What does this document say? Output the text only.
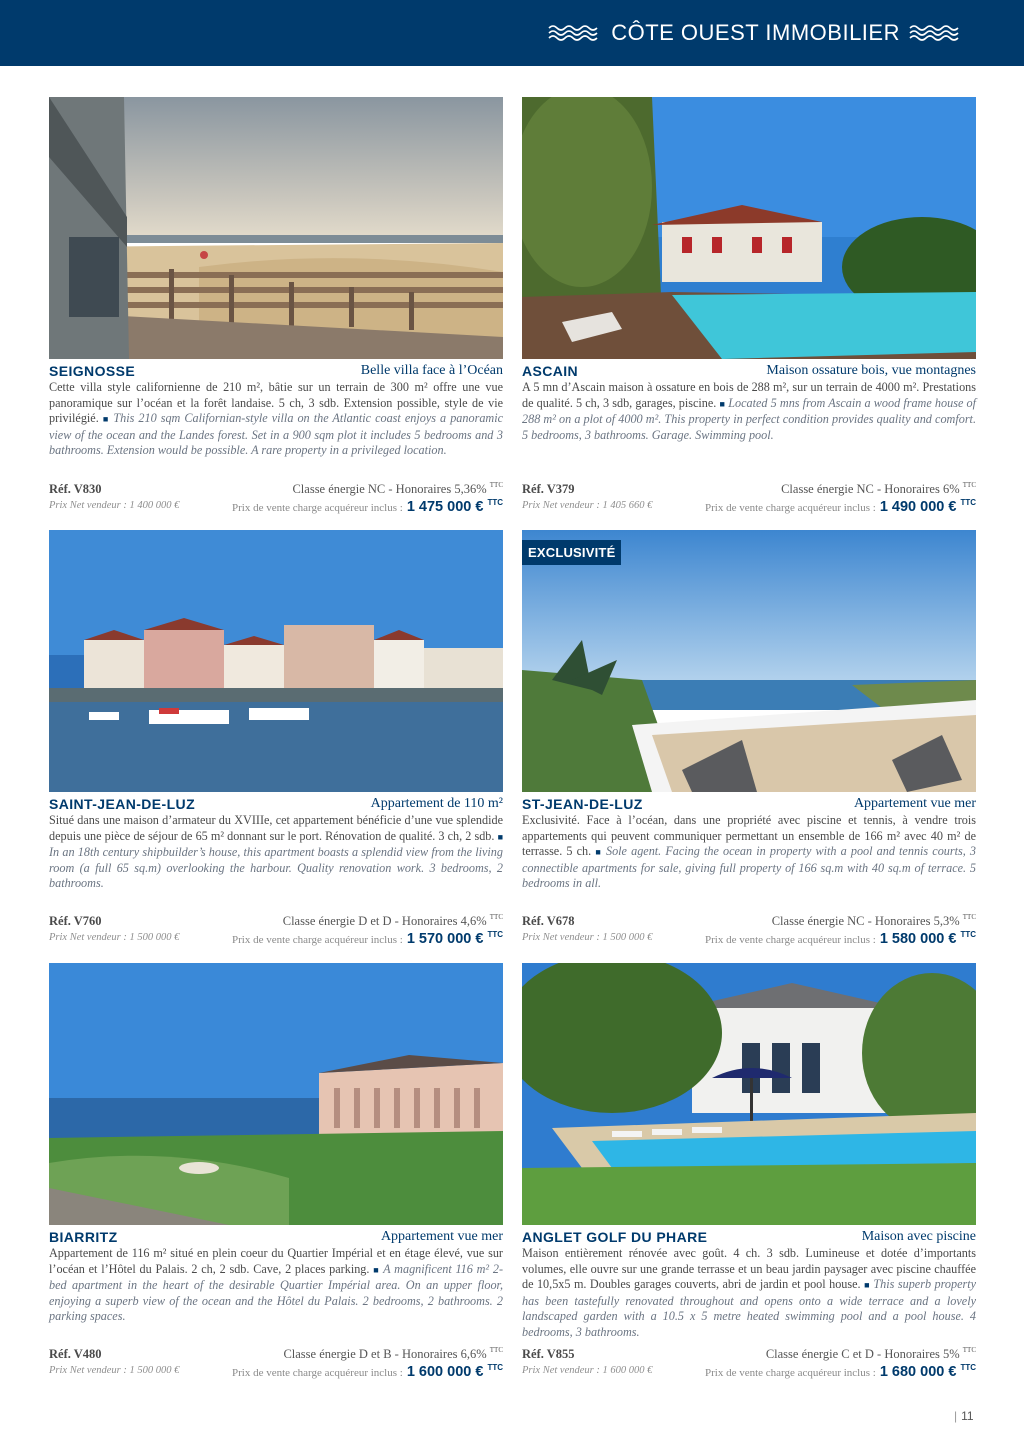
CÔTE OUEST IMMOBILIER
SEIGNOSSE	Belle villa face à l’Océan

Cette villa style californienne de 210 m², bâtie sur un terrain de 300 m² offre une vue panoramique sur l’océan et la forêt landaise. 5 ch, 3 sdb. Extension possible, style de vie privilégié. ■ This 210 sqm Californian-style villa on the Atlantic coast enjoys a panoramic view of the ocean and the Landes forest. Set in a 900 sqm plot it includes 5 bedrooms and 3 bathrooms. Extension would be possible. A rare property in a privileged location.

Réf. V830	Classe énergie NC - Honoraires 5,36% $^{TTC}$
Prix Net vendeur : 1 400 000 €	Prix de vente charge acquéreur inclus : 1 475 000 € $^{TTC}$
ASCAIN	Maison ossature bois, vue montagnes

A 5 mn d’Ascain maison à ossature en bois de 288 m², sur un terrain de 4000 m². Prestations de qualité. 5 ch, 3 sdb, garages, piscine. ■ Located 5 mns from Ascain a wood frame house of 288 m² on a plot of 4000 m². This property in perfect condition provides quality and comfort. 5 bedrooms, 3 bathrooms. Garage. Swimming pool.

Réf. V379	Classe énergie NC - Honoraires 6% $^{TTC}$
Prix Net vendeur : 1 405 660 €	Prix de vente charge acquéreur inclus : 1 490 000 € $^{TTC}$
SAINT-JEAN-DE-LUZ	Appartement de 110 m²

Situé dans une maison d’armateur du XVIIIe, cet appartement bénéficie d’une vue splendide depuis une pièce de séjour de 65 m² donnant sur le port. Rénovation de qualité. 3 ch, 2 sdb. ■ In an 18th century shipbuilder’s house, this apartment boasts a splendid view from the living room (a full 65 sq.m) overlooking the harbour. Quality renovation work. 3 bedrooms, 2 bathrooms.

Réf. V760	Classe énergie D et D - Honoraires 4,6% $^{TTC}$
Prix Net vendeur : 1 500 000 €	Prix de vente charge acquéreur inclus : 1 570 000 € $^{TTC}$
EXCLUSIVITÉ
ST-JEAN-DE-LUZ	Appartement vue mer

Exclusivité. Face à l’océan, dans une propriété avec piscine et tennis, à vendre trois appartements qui peuvent communiquer permettant un ensemble de 166 m² avec 40 m² de terrasse. 5 ch. ■ Sole agent. Facing the ocean in property with a pool and tennis courts, 3 connectible apartments for sale, giving full property of 166 sq.m with 40 sq.m of terrace. 5 bedrooms in all.

Réf. V678	Classe énergie NC - Honoraires 5,3% $^{TTC}$
Prix Net vendeur : 1 500 000 €	Prix de vente charge acquéreur inclus : 1 580 000 € $^{TTC}$
BIARRITZ	Appartement vue mer

Appartement de 116 m² situé en plein coeur du Quartier Impérial et en étage élevé, vue sur l’océan et l’Hôtel du Palais. 2 ch, 2 sdb. Cave, 2 places parking. ■ A magnificent 116 m² 2-bed apartment in the heart of the desirable Quartier Impérial area. On an upper floor, enjoying a superb view of the ocean and the Hôtel du Palais. 2 bedrooms, 2 bathrooms. 2 parking spaces.

Réf. V480	Classe énergie D et B - Honoraires 6,6% $^{TTC}$
Prix Net vendeur : 1 500 000 €	Prix de vente charge acquéreur inclus : 1 600 000 € $^{TTC}$
ANGLET GOLF DU PHARE	Maison avec piscine

Maison entièrement rénovée avec goût. 4 ch. 3 sdb. Lumineuse et dotée d’importants volumes, elle ouvre sur une grande terrasse et un beau jardin paysager avec piscine chauffée de 10,5x5 m. Doubles garages couverts, abri de jardin et pool house. ■ This superb property has been tastefully renovated throughout and opens onto a wide terrace and a lovely landscaped garden with a 10.5 x 5 metre heated swimming pool and a pool house. 4 bedrooms, 3 bathrooms.

Réf. V855	Classe énergie C et D - Honoraires 5% $^{TTC}$
Prix Net vendeur : 1 600 000 €	Prix de vente charge acquéreur inclus : 1 680 000 € $^{TTC}$
| 11
